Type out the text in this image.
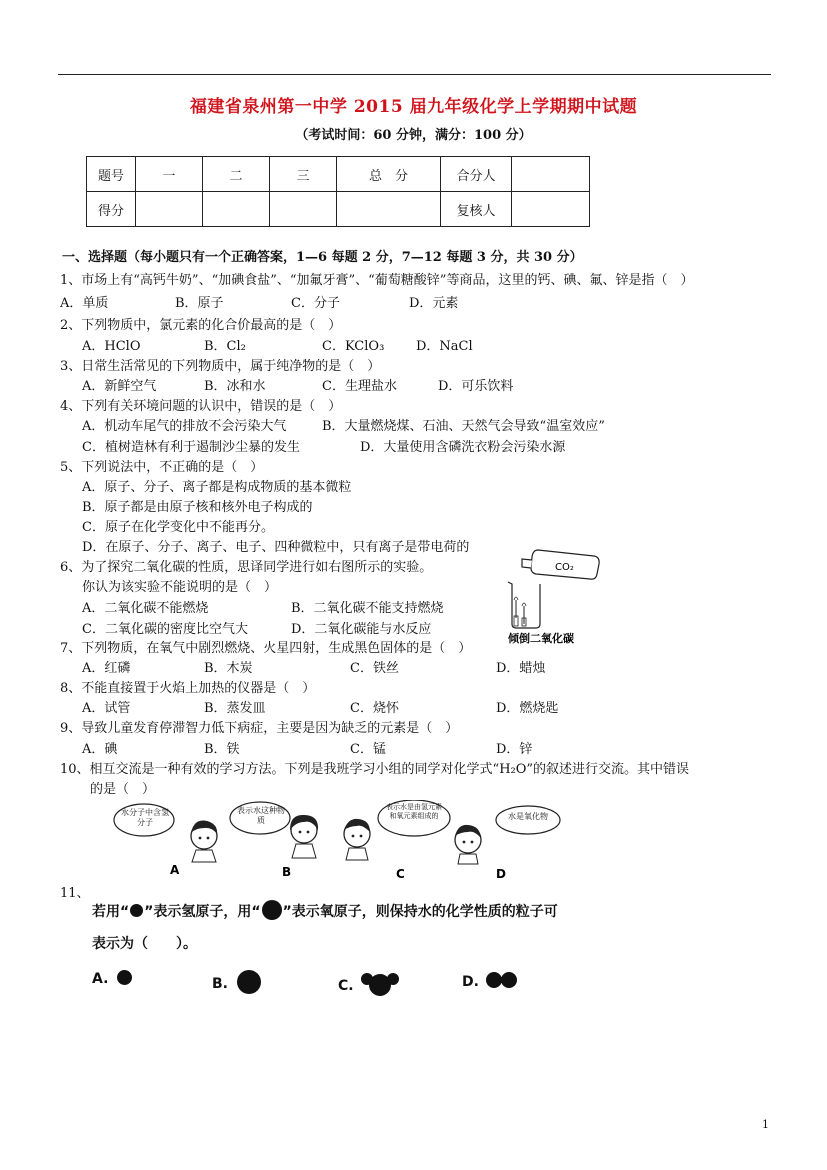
福建省泉州第一中学 2015 届九年级化学上学期期中试题
（考试时间：60 分钟，满分：100 分）
题号	一	二	三	总　分	合分人	
得分					复核人	
一、选择题（每小题只有一个正确答案，1—6 每题 2 分，7—12 每题 3 分，共 30 分）
1、市场上有“高钙牛奶”、“加碘食盐”、“加氟牙膏”、“葡萄糖酸锌”等商品，这里的钙、碘、氟、锌是指（　）
A．单质	B．原子	C．分子	D．元素
2、下列物质中，氯元素的化合价最高的是（　）
A．HClO	B．Cl₂	C．KClO₃ D．NaCl
3、日常生活常见的下列物质中，属于纯净物的是（　）
A．新鲜空气	B．冰和水	C．生理盐水	D．可乐饮料
4、下列有关环境问题的认识中，错误的是（　）
A．机动车尾气的排放不会污染大气	B．大量燃烧煤、石油、天然气会导致“温室效应”
C．植树造林有利于遏制沙尘暴的发生	D．大量使用含磷洗衣粉会污染水源
5、下列说法中，不正确的是（　）
A．原子、分子、离子都是构成物质的基本微粒
B．原子都是由原子核和核外电子构成的
C．原子在化学变化中不能再分。
D．在原子、分子、离子、电子、四种微粒中，只有离子是带电荷的
6、为了探究二氧化碳的性质，思译同学进行如右图所示的实验。
你认为该实验不能说明的是（　）
A．二氧化碳不能燃烧	B．二氧化碳不能支持燃烧
C．二氧化碳的密度比空气大	D．二氧化碳能与水反应
CO₂
倾倒二氧化碳
7、下列物质，在氧气中剧烈燃烧、火星四射，生成黑色固体的是（　）
A．红磷	B．木炭	C．铁丝	D．蜡烛
8、不能直接置于火焰上加热的仪器是（　）
A．试管	B．蒸发皿	C．烧怀	D．燃烧匙
9、导致儿童发育停滞智力低下病症，主要是因为缺乏的元素是（　）
A．碘	B．铁	C．锰	D．锌
10、相互交流是一种有效的学习方法。下列是我班学习小组的同学对化学式“H₂O”的叙述进行交流。其中错误
的是（　）
水分子中含氢分子
A
表示水这种物质
B
表示水是由氢元素和氧元素组成的
C
水是氧化物
D
11、
若用“ ”表示氢原子，用“ ”表示氧原子，则保持水的化学性质的粒子可
表示为（　　）。
A.	B.	C.	D.
1
